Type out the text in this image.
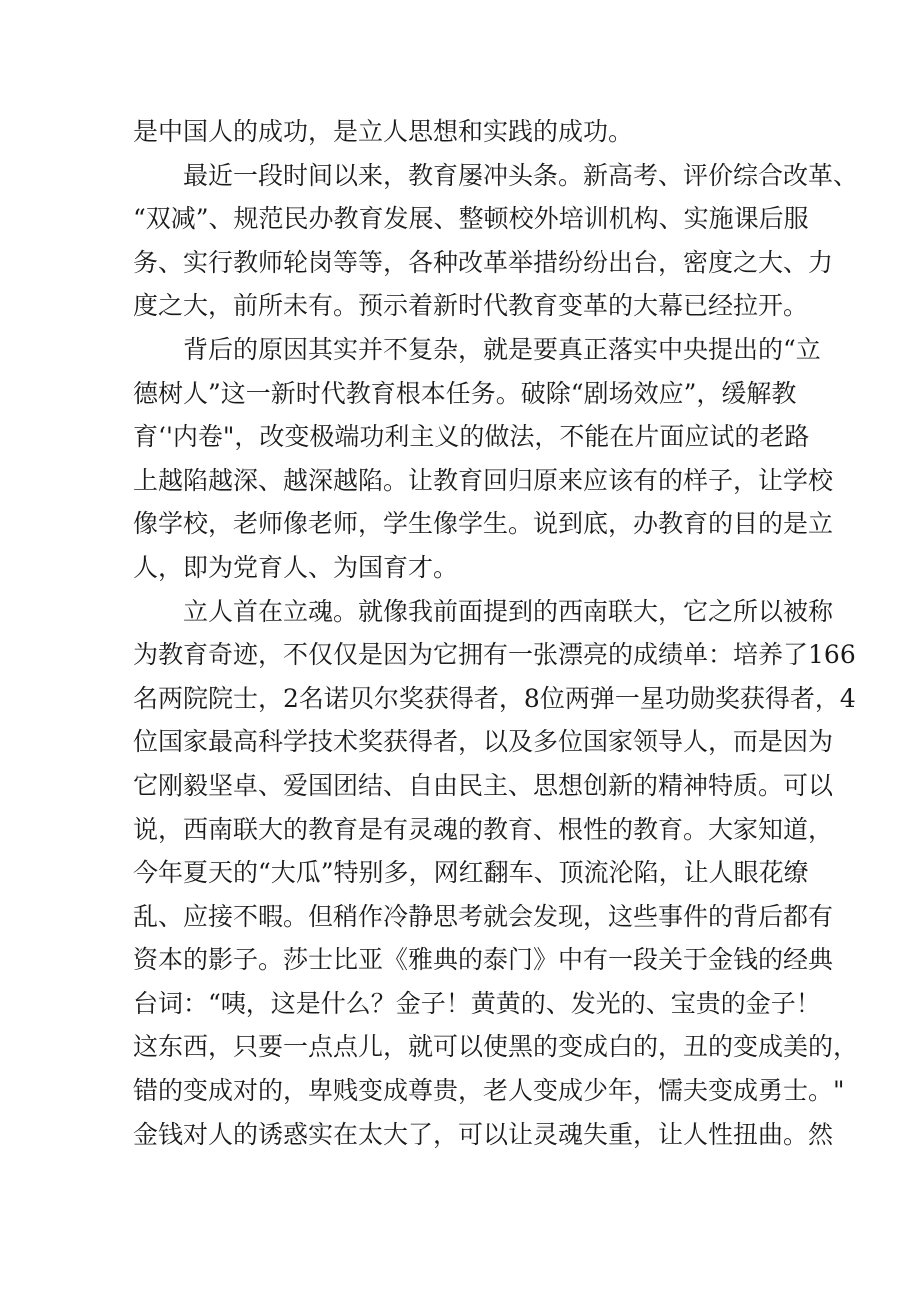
是中国人的成功，是立人思想和实践的成功。
最近一段时间以来，教育屡冲头条。新高考、评价综合改革、
“双减”、规范民办教育发展、整顿校外培训机构、实施课后服
务、实行教师轮岗等等，各种改革举措纷纷出台，密度之大、力
度之大，前所未有。预示着新时代教育变革的大幕已经拉开。
背后的原因其实并不复杂，就是要真正落实中央提出的“立
德树人”这一新时代教育根本任务。破除“剧场效应”，缓解教
育‘'内卷"，改变极端功利主义的做法，不能在片面应试的老路
上越陷越深、越深越陷。让教育回归原来应该有的样子，让学校
像学校，老师像老师，学生像学生。说到底，办教育的目的是立
人，即为党育人、为国育才。
立人首在立魂。就像我前面提到的西南联大，它之所以被称
为教育奇迹，不仅仅是因为它拥有一张漂亮的成绩单：培养了166
名两院院士，2名诺贝尔奖获得者，8位两弹一星功勋奖获得者，4
位国家最高科学技术奖获得者，以及多位国家领导人，而是因为
它刚毅坚卓、爱国团结、自由民主、思想创新的精神特质。可以
说，西南联大的教育是有灵魂的教育、根性的教育。大家知道，
今年夏天的“大瓜”特别多，网红翻车、顶流沦陷，让人眼花缭
乱、应接不暇。但稍作冷静思考就会发现，这些事件的背后都有
资本的影子。莎士比亚《雅典的泰门》中有一段关于金钱的经典
台词：“咦，这是什么？金子！黄黄的、发光的、宝贵的金子！
这东西，只要一点点儿，就可以使黑的变成白的，丑的变成美的，
错的变成对的，卑贱变成尊贵，老人变成少年，懦夫变成勇士。"
金钱对人的诱惑实在太大了，可以让灵魂失重，让人性扭曲。然
